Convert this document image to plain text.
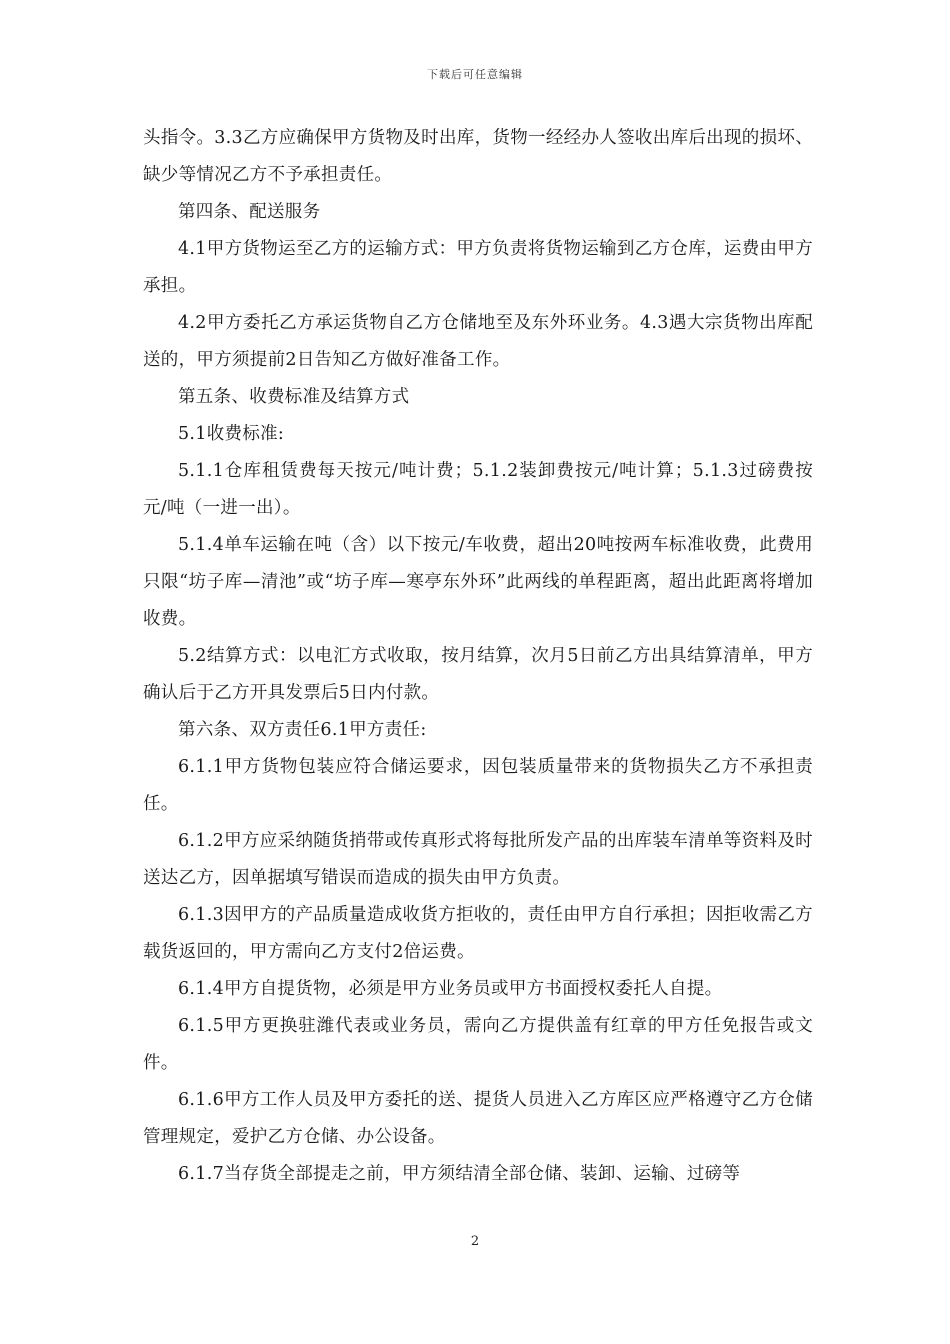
下载后可任意编辑

头指令。3.3乙方应确保甲方货物及时出库，货物一经经办人签收出库后出现的损坏、缺少等情况乙方不予承担责任。

第四条、配送服务

4.1甲方货物运至乙方的运输方式：甲方负责将货物运输到乙方仓库，运费由甲方承担。

4.2甲方委托乙方承运货物自乙方仓储地至及东外环业务。4.3遇大宗货物出库配送的，甲方须提前2日告知乙方做好准备工作。

第五条、收费标准及结算方式

5.1收费标准:

5.1.1仓库租赁费每天按元/吨计费；5.1.2装卸费按元/吨计算；5.1.3过磅费按元/吨（一进一出）。

5.1.4单车运输在吨（含）以下按元/车收费，超出20吨按两车标准收费，此费用只限“坊子库—清池”或“坊子库—寒亭东外环”此两线的单程距离，超出此距离将增加收费。

5.2结算方式：以电汇方式收取，按月结算，次月5日前乙方出具结算清单，甲方确认后于乙方开具发票后5日内付款。

第六条、双方责任6.1甲方责任:

6.1.1甲方货物包装应符合储运要求，因包装质量带来的货物损失乙方不承担责任。

6.1.2甲方应采纳随货捎带或传真形式将每批所发产品的出库装车清单等资料及时送达乙方，因单据填写错误而造成的损失由甲方负责。

6.1.3因甲方的产品质量造成收货方拒收的，责任由甲方自行承担；因拒收需乙方载货返回的，甲方需向乙方支付2倍运费。

6.1.4甲方自提货物，必须是甲方业务员或甲方书面授权委托人自提。

6.1.5甲方更换驻潍代表或业务员，需向乙方提供盖有红章的甲方任免报告或文件。

6.1.6甲方工作人员及甲方委托的送、提货人员进入乙方库区应严格遵守乙方仓储管理规定，爱护乙方仓储、办公设备。

6.1.7当存货全部提走之前，甲方须结清全部仓储、装卸、运输、过磅等

2
